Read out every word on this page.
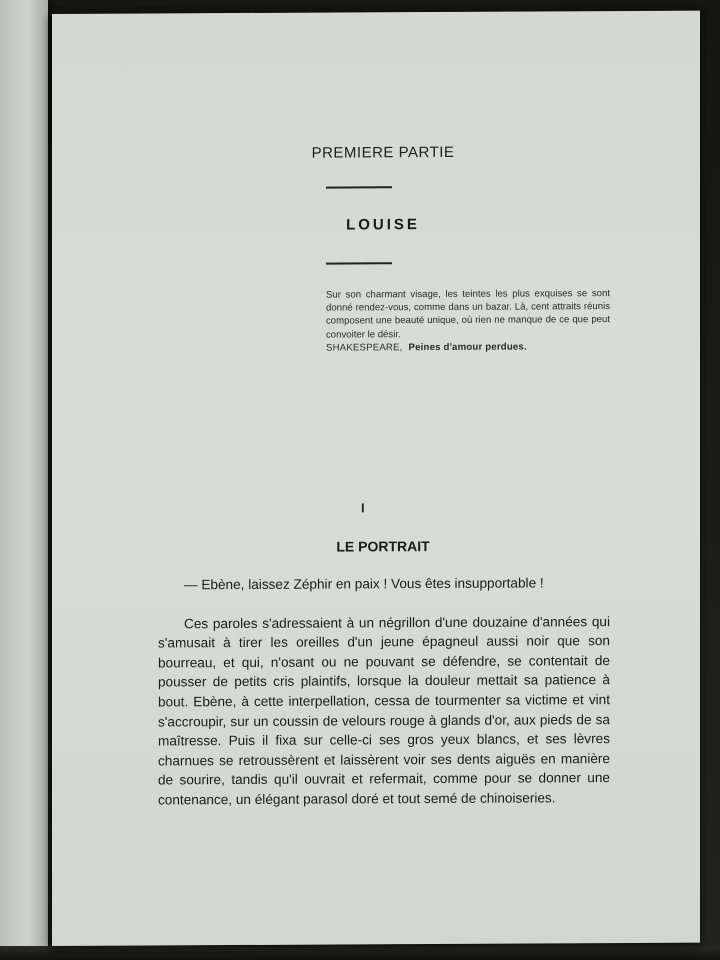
PREMIERE PARTIE
LOUISE
Sur son charmant visage, les teintes les plus exquises se sont donné rendez-vous, comme dans un bazar. Là, cent attraits réunis composent une beauté unique, où rien ne manque de ce que peut convoiter le désir.
SHAKESPEARE, Peines d'amour perdues.
I
LE PORTRAIT
— Ebène, laissez Zéphir en paix ! Vous êtes insupportable !
Ces paroles s'adressaient à un négrillon d'une douzaine d'années qui s'amusait à tirer les oreilles d'un jeune épagneul aussi noir que son bourreau, et qui, n'osant ou ne pouvant se défendre, se contentait de pousser de petits cris plaintifs, lorsque la douleur mettait sa patience à bout. Ebène, à cette interpellation, cessa de tourmenter sa victime et vint s'accroupir, sur un coussin de velours rouge à glands d'or, aux pieds de sa maîtresse. Puis il fixa sur celle-ci ses gros yeux blancs, et ses lèvres charnues se retroussèrent et laissèrent voir ses dents aiguës en manière de sourire, tandis qu'il ouvrait et refermait, comme pour se donner une contenance, un élégant parasol doré et tout semé de chinoiseries.
